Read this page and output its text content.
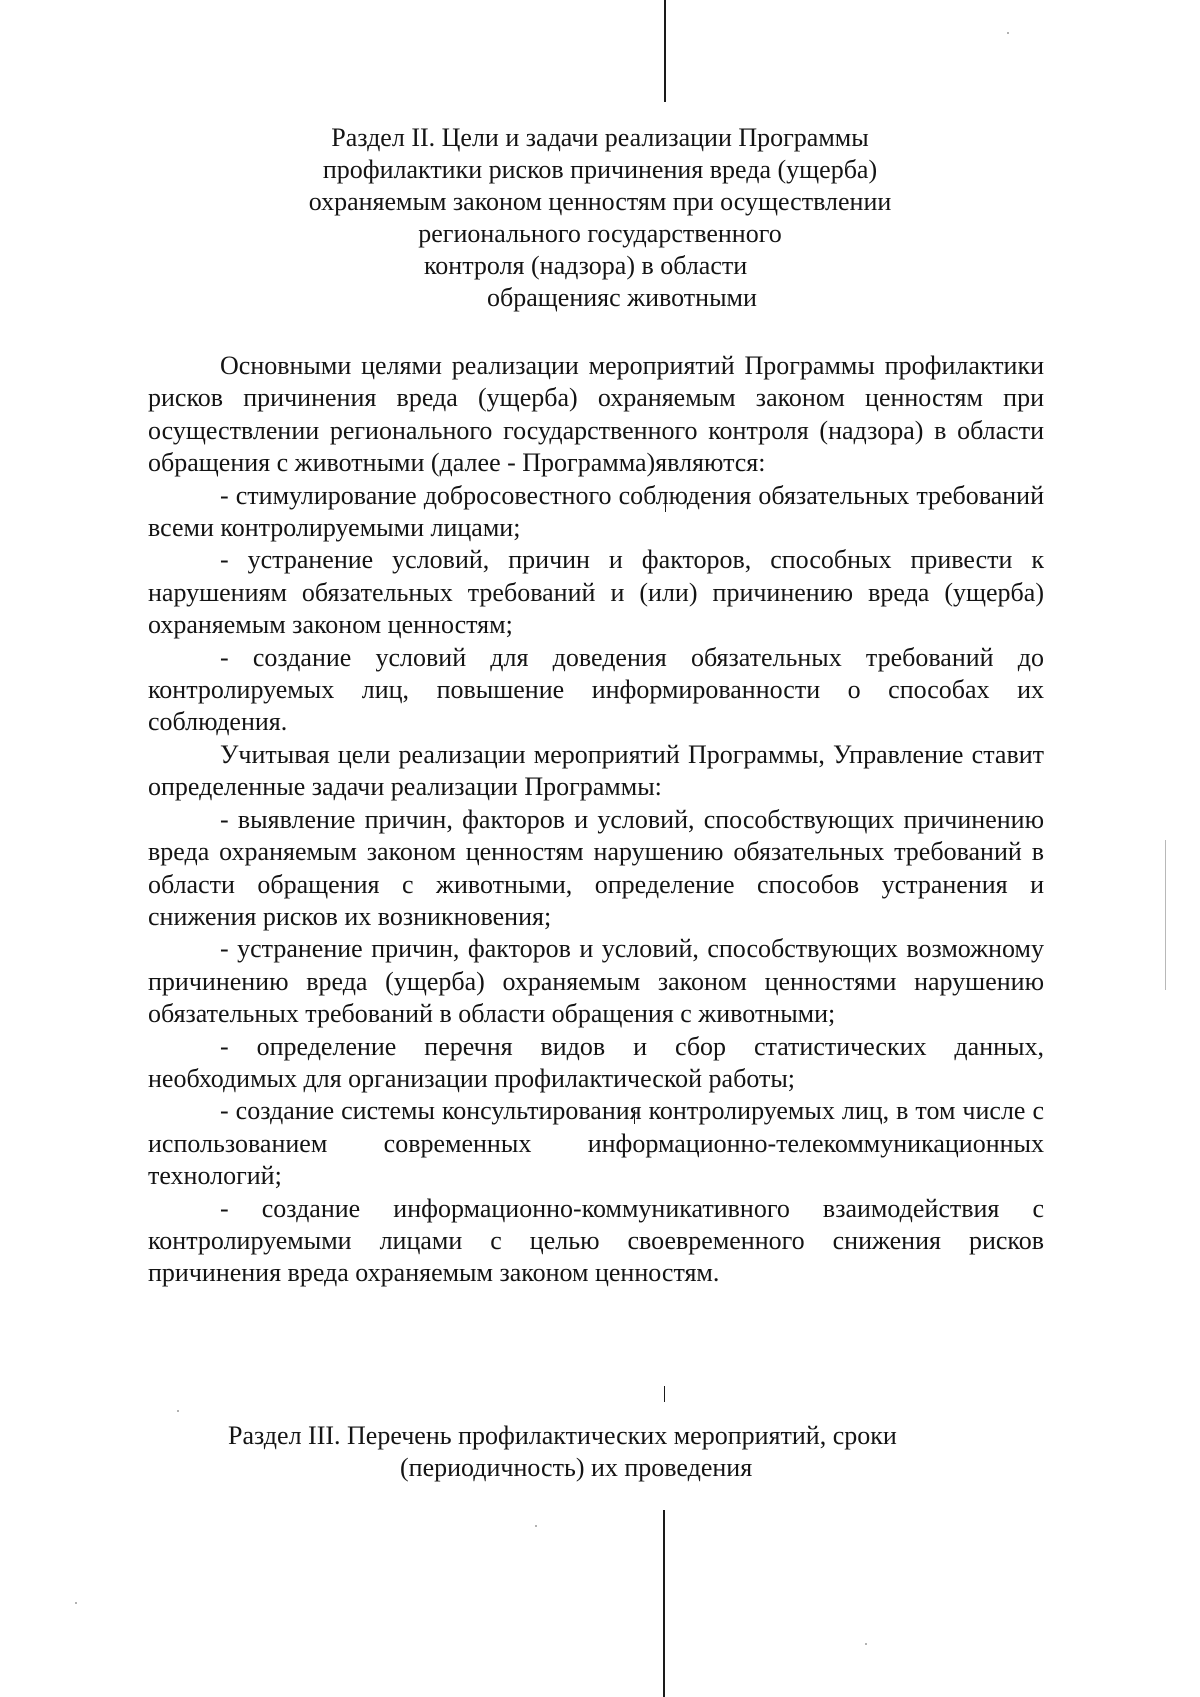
Раздел II. Цели и задачи реализации Программы
профилактики рисков причинения вреда (ущерба)
охраняемым законом ценностям при осуществлении
регионального государственного
контроля (надзора) в области
обращенияс животными

Основными целями реализации мероприятий Программы профилактики рисков причинения вреда (ущерба) охраняемым законом ценностям при осуществлении регионального государственного контроля (надзора) в области обращения с животными (далее - Программа)являются:

- стимулирование добросовестного соблюдения обязательных требований всеми контролируемыми лицами;

- устранение условий, причин и факторов, способных привести к нарушениям обязательных требований и (или) причинению вреда (ущерба) охраняемым законом ценностям;

- создание условий для доведения обязательных требований до контролируемых лиц, повышение информированности о способах их соблюдения.

Учитывая цели реализации мероприятий Программы, Управление ставит определенные задачи реализации Программы:

- выявление причин, факторов и условий, способствующих причинению вреда охраняемым законом ценностям нарушению обязательных требований в области обращения с животными, определение способов устранения и снижения рисков их возникновения;

- устранение причин, факторов и условий, способствующих возможному причинению вреда (ущерба) охраняемым законом ценностями нарушению обязательных требований в области обращения с животными;

- определение перечня видов и сбор статистических данных, необходимых для организации профилактической работы;

- создание системы консультирования контролируемых лиц, в том числе с использованием современных информационно-телекоммуникационных технологий;

- создание информационно-коммуникативного взаимодействия с контролируемыми лицами с целью своевременного снижения рисков причинения вреда охраняемым законом ценностям.

Раздел III. Перечень профилактических мероприятий, сроки
(периодичность) их проведения
